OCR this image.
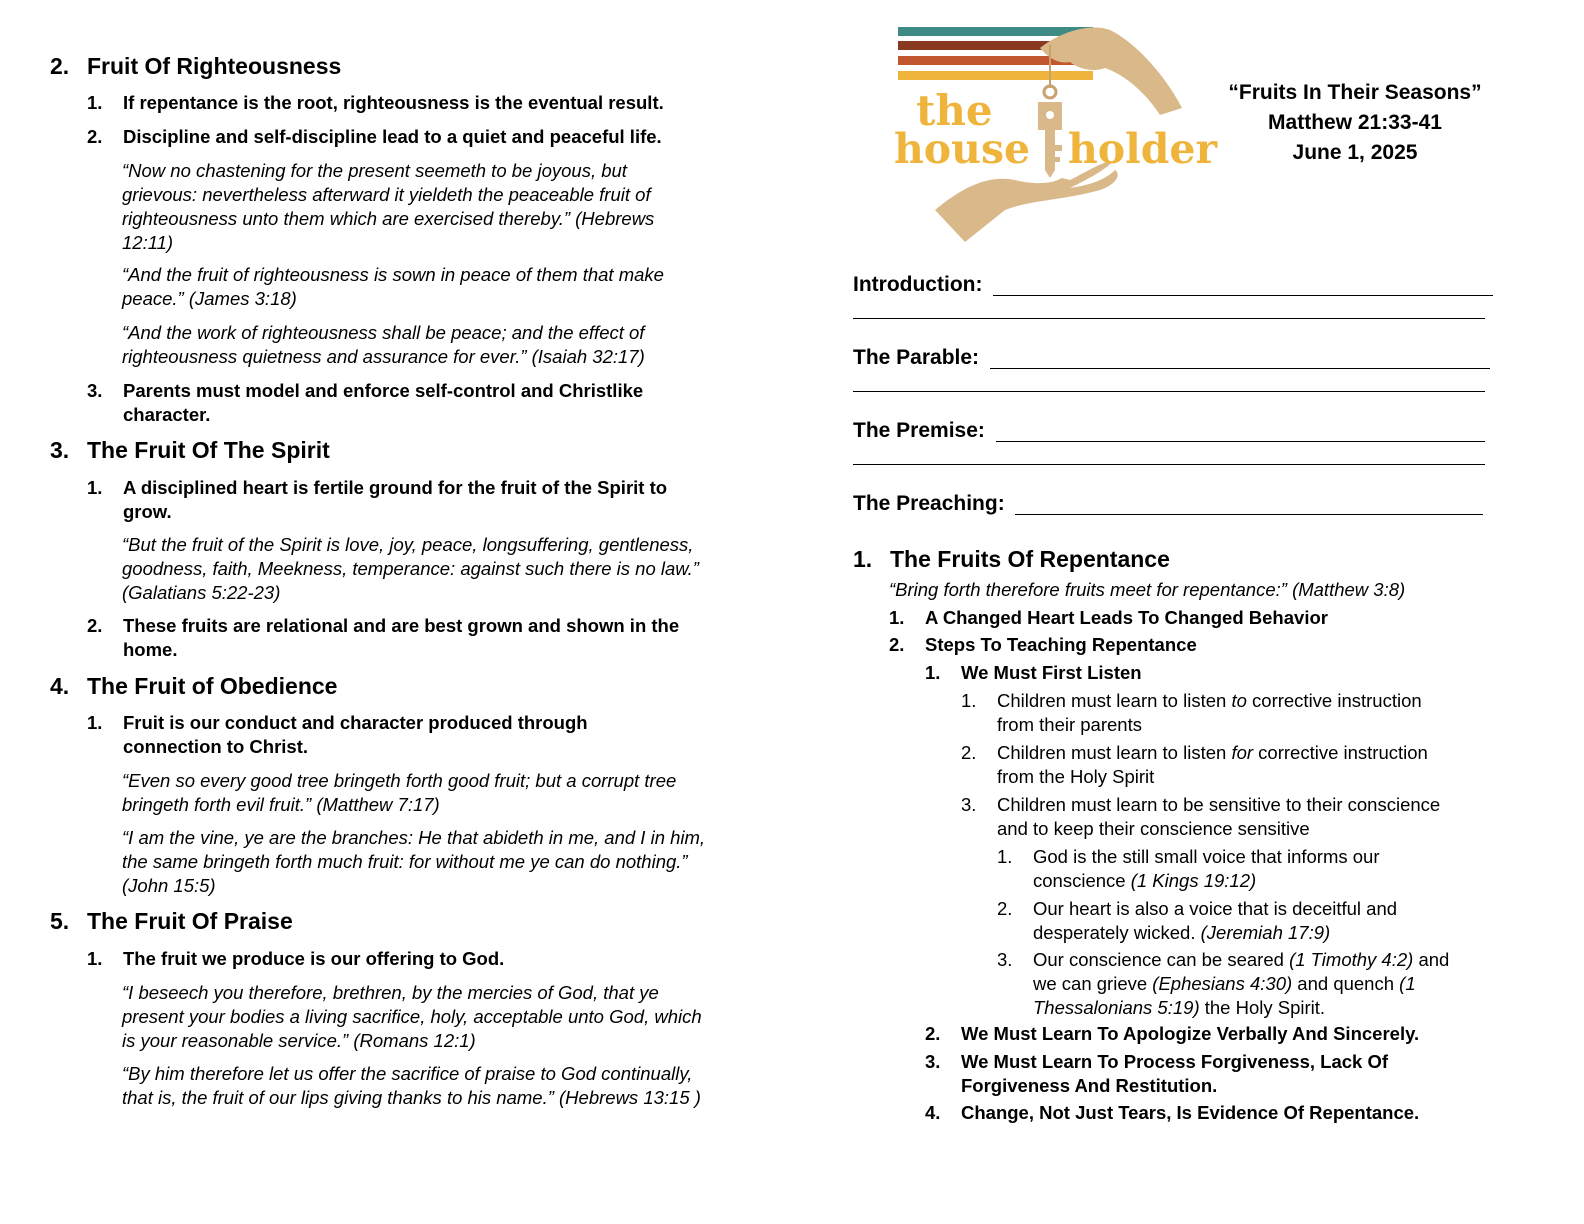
2. Fruit Of Righteousness
1. If repentance is the root, righteousness is the eventual result.
2. Discipline and self-discipline lead to a quiet and peaceful life.
“Now no chastening for the present seemeth to be joyous, but grievous: nevertheless afterward it yieldeth the peaceable fruit of righteousness unto them which are exercised thereby.” (Hebrews 12:11)
“And the fruit of righteousness is sown in peace of them that make peace.” (James 3:18)
“And the work of righteousness shall be peace; and the effect of righteousness quietness and assurance for ever.” (Isaiah 32:17)
3. Parents must model and enforce self-control and Christlike character.
3. The Fruit Of The Spirit
1. A disciplined heart is fertile ground for the fruit of the Spirit to grow.
“But the fruit of the Spirit is love, joy, peace, longsuffering, gentleness, goodness, faith, Meekness, temperance: against such there is no law.” (Galatians 5:22-23)
2. These fruits are relational and are best grown and shown in the home.
4. The Fruit of Obedience
1. Fruit is our conduct and character produced through connection to Christ.
“Even so every good tree bringeth forth good fruit; but a corrupt tree bringeth forth evil fruit.” (Matthew 7:17)
“I am the vine, ye are the branches: He that abideth in me, and I in him, the same bringeth forth much fruit: for without me ye can do nothing.” (John 15:5)
5. The Fruit Of Praise
1. The fruit we produce is our offering to God.
“I beseech you therefore, brethren, by the mercies of God, that ye present your bodies a living sacrifice, holy, acceptable unto God, which is your reasonable service.” (Romans 12:1)
“By him therefore let us offer the sacrifice of praise to God continually, that is, the fruit of our lips giving thanks to his name.” (Hebrews 13:15 )
the
house holder
“Fruits In Their Seasons”
Matthew 21:33-41
June 1, 2025
Introduction:
The Parable:
The Premise:
The Preaching:
1. The Fruits Of Repentance
“Bring forth therefore fruits meet for repentance:” (Matthew 3:8)
1. A Changed Heart Leads To Changed Behavior
2. Steps To Teaching Repentance
1. We Must First Listen
1. Children must learn to listen to corrective instruction
from their parents
2. Children must learn to listen for corrective instruction
from the Holy Spirit
3. Children must learn to be sensitive to their conscience
and to keep their conscience sensitive
1. God is the still small voice that informs our
conscience (1 Kings 19:12)
2. Our heart is also a voice that is deceitful and
desperately wicked. (Jeremiah 17:9)
3. Our conscience can be seared (1 Timothy 4:2) and
we can grieve (Ephesians 4:30) and quench (1
Thessalonians 5:19) the Holy Spirit.
2. We Must Learn To Apologize Verbally And Sincerely.
3. We Must Learn To Process Forgiveness, Lack Of Forgiveness And Restitution.
4. Change, Not Just Tears, Is Evidence Of Repentance.
